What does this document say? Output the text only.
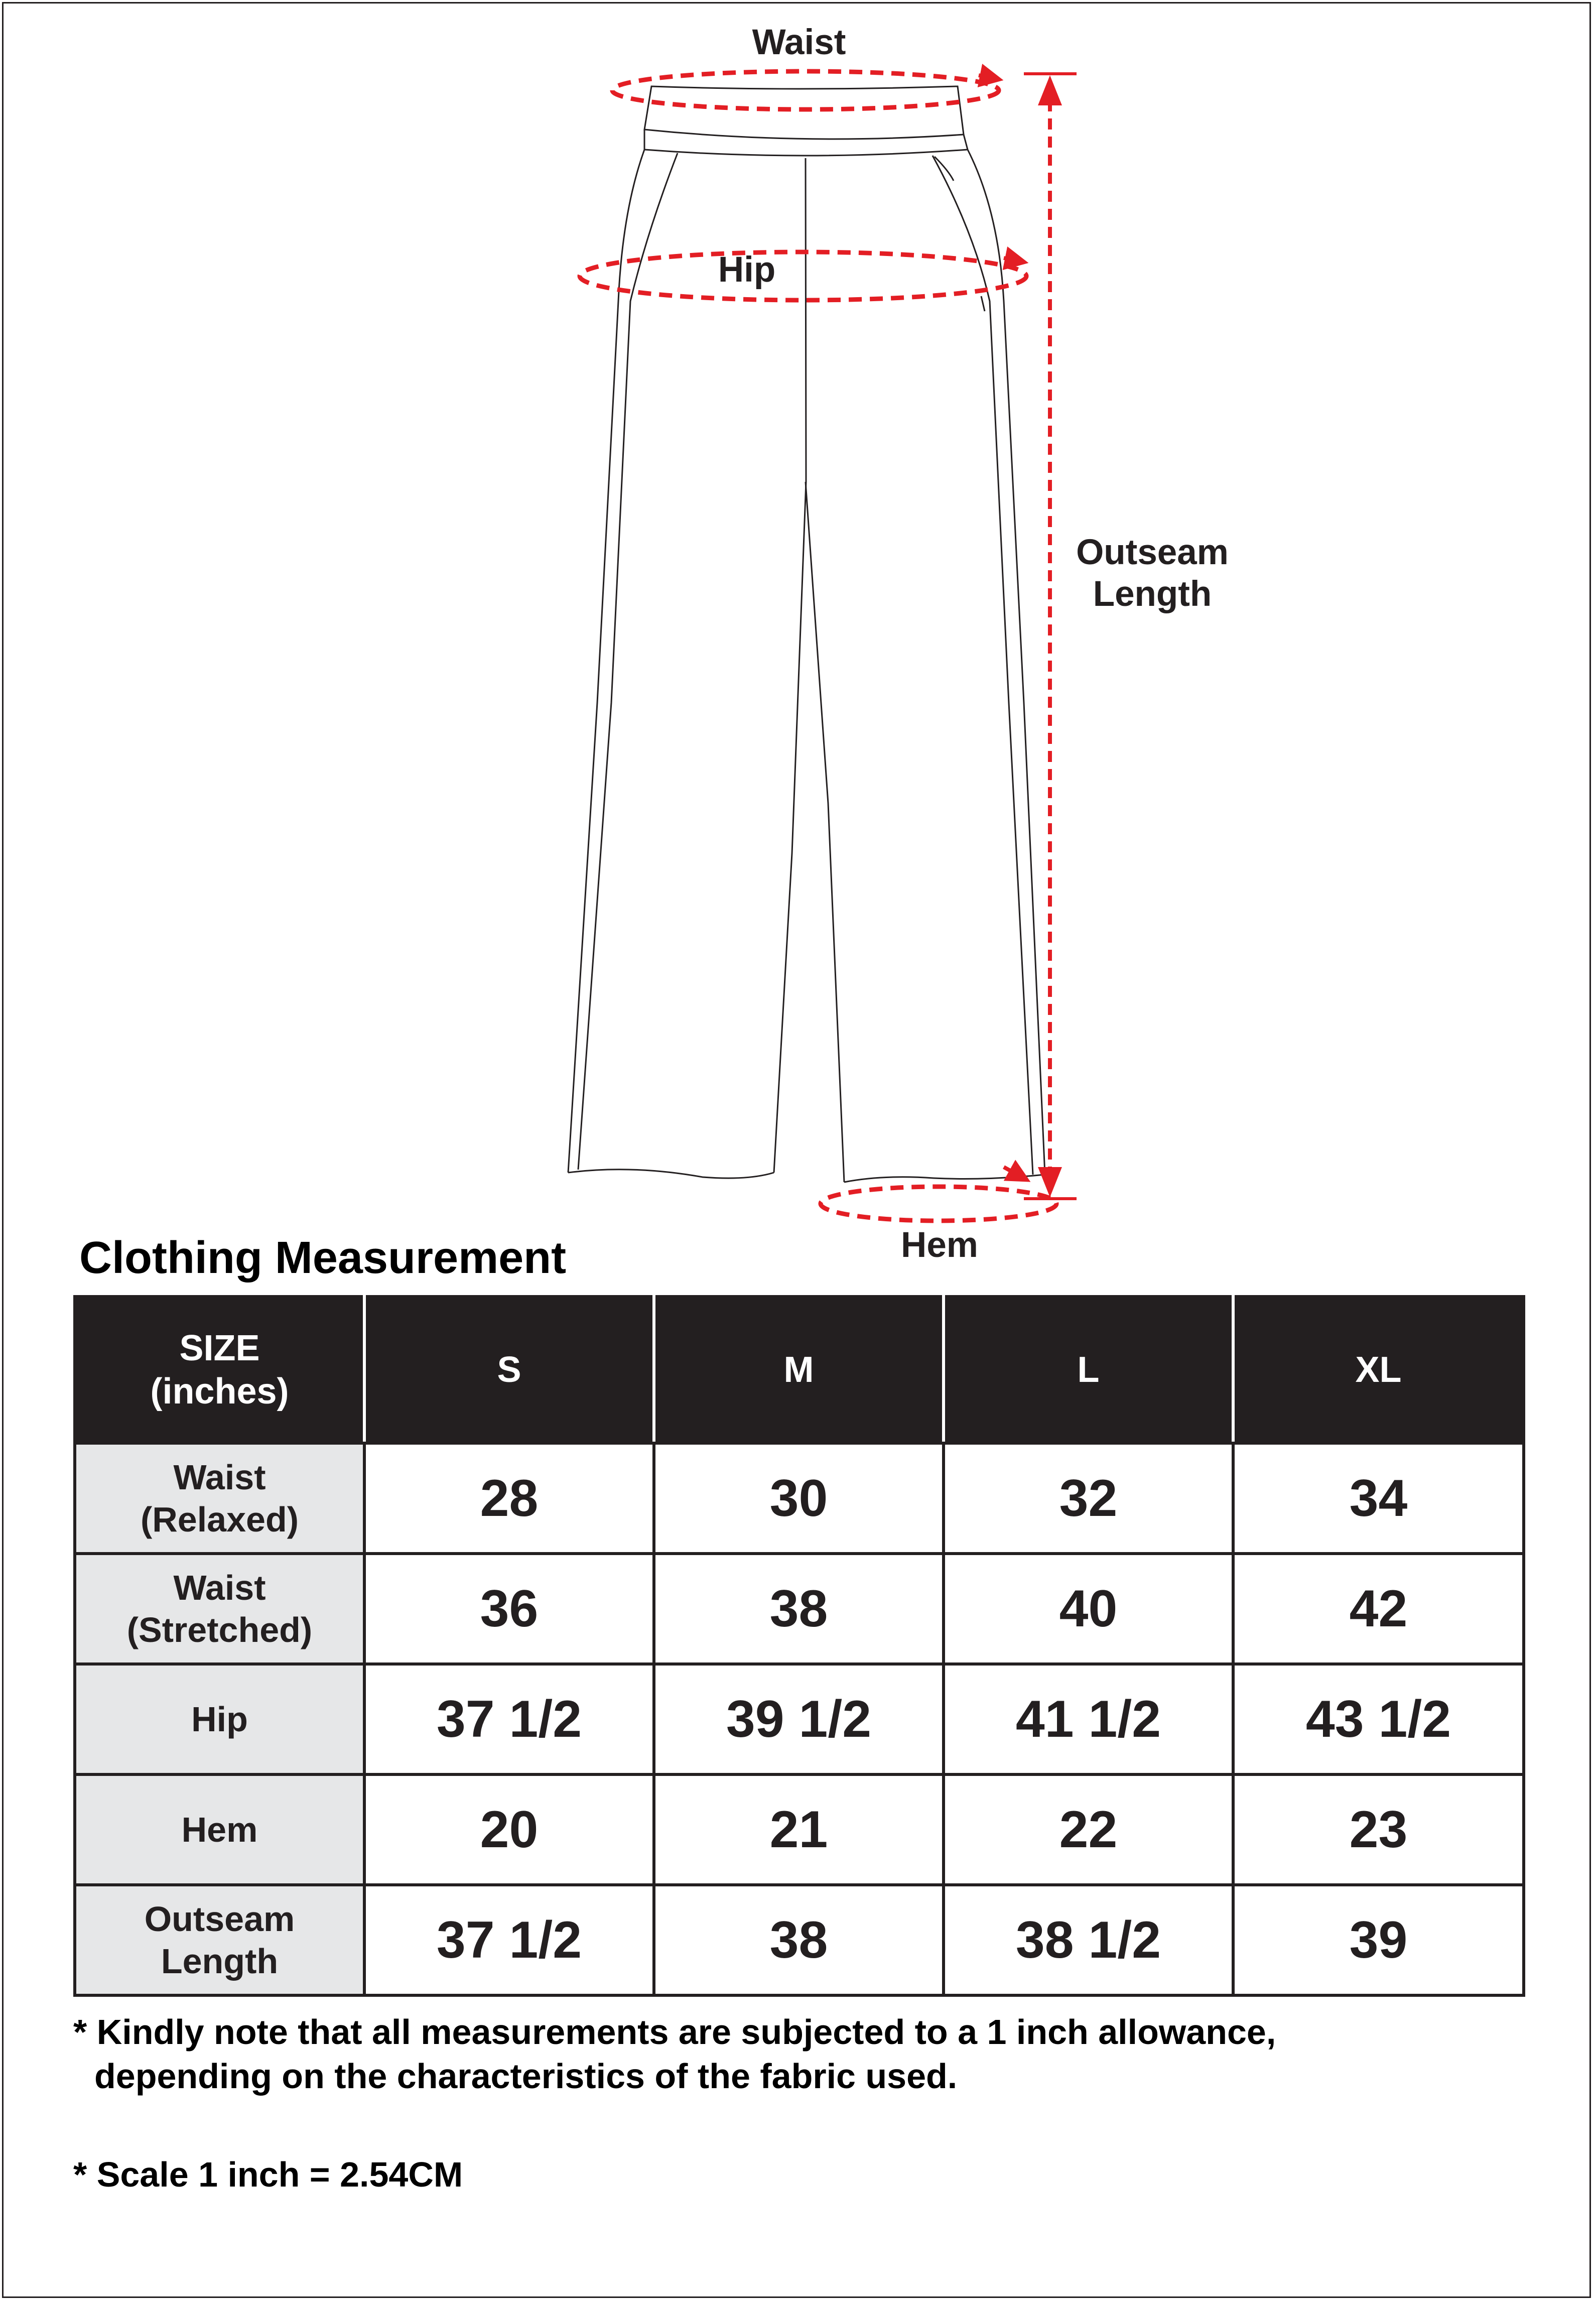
Waist
Hip
Outseam
Length
Hem
Clothing Measurement
SIZE
(inches)	S	M	L	XL

Waist
(Relaxed)	28	30	32	34

Waist
(Stretched)	36	38	40	42

Hip	37 1/2	39 1/2	41 1/2	43 1/2

Hem	20	21	22	23

Outseam
Length	37 1/2	38	38 1/2	39
* Kindly note that all measurements are subjected to a 1 inch allowance,
depending on the characteristics of the fabric used.
* Scale 1 inch = 2.54CM
